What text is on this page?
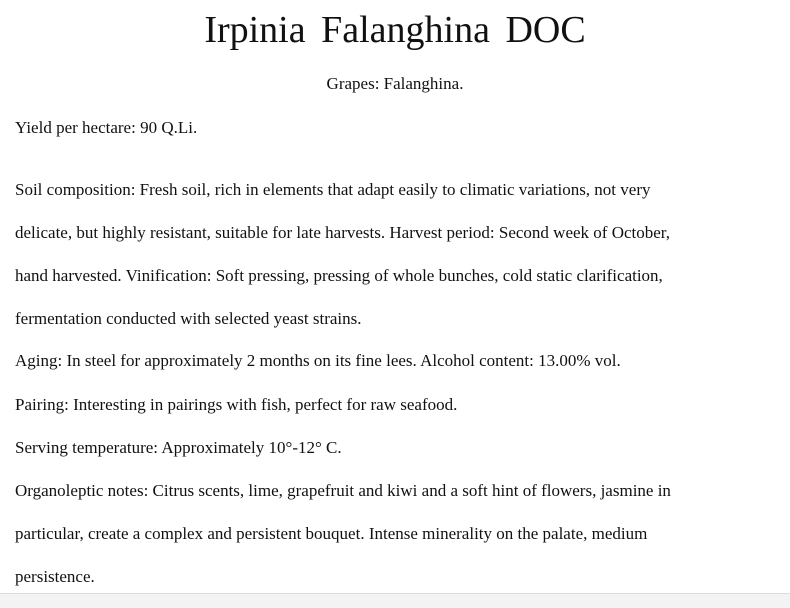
Irpinia Falanghina DOC
Grapes: Falanghina.
Yield per hectare: 90 Q.Li.
Soil composition: Fresh soil, rich in elements that adapt easily to climatic variations, not very
delicate, but highly resistant, suitable for late harvests. Harvest period: Second week of October,
hand harvested. Vinification: Soft pressing, pressing of whole bunches, cold static clarification,
fermentation conducted with selected yeast strains.
Aging: In steel for approximately 2 months on its fine lees. Alcohol content: 13.00% vol.
Pairing: Interesting in pairings with fish, perfect for raw seafood.
Serving temperature: Approximately 10°-12° C.
Organoleptic notes: Citrus scents, lime, grapefruit and kiwi and a soft hint of flowers, jasmine in
particular, create a complex and persistent bouquet. Intense minerality on the palate, medium
persistence.
